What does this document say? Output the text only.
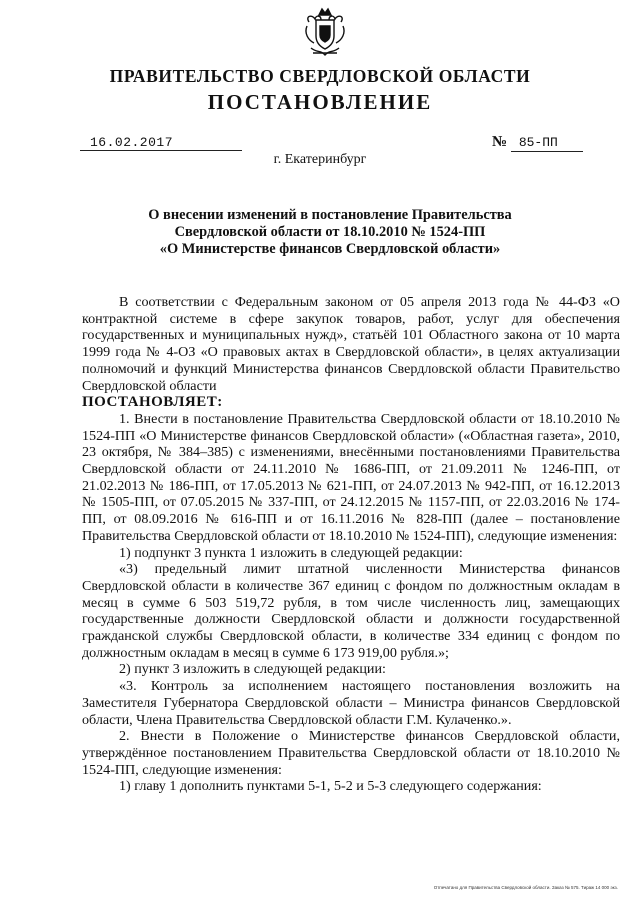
ПРАВИТЕЛЬСТВО СВЕРДЛОВСКОЙ ОБЛАСТИ
ПОСТАНОВЛЕНИЕ
16.02.2017	№ 85-ПП
г. Екатеринбург
О внесении изменений в постановление Правительства
Свердловской области от 18.10.2010 № 1524-ПП
«О Министерстве финансов Свердловской области»

В соответствии с Федеральным законом от 05 апреля 2013 года № 44-ФЗ «О контрактной системе в сфере закупок товаров, работ, услуг для обеспечения государственных и муниципальных нужд», статьёй 101 Областного закона от 10 марта 1999 года № 4-ОЗ «О правовых актах в Свердловской области», в целях актуализации полномочий и функций Министерства финансов Свердловской области Правительство Свердловской области

ПОСТАНОВЛЯЕТ:

1. Внести в постановление Правительства Свердловской области от 18.10.2010 № 1524-ПП «О Министерстве финансов Свердловской области» («Областная газета», 2010, 23 октября, № 384–385) с изменениями, внесёнными постановлениями Правительства Свердловской области от 24.11.2010 № 1686-ПП, от 21.09.2011 № 1246-ПП, от 21.02.2013 № 186-ПП, от 17.05.2013 № 621-ПП, от 24.07.2013 № 942-ПП, от 16.12.2013 № 1505-ПП, от 07.05.2015 № 337-ПП, от 24.12.2015 № 1157-ПП, от 22.03.2016 № 174-ПП, от 08.09.2016 № 616-ПП и от 16.11.2016 № 828-ПП (далее – постановление Правительства Свердловской области от 18.10.2010 № 1524-ПП), следующие изменения:

1) подпункт 3 пункта 1 изложить в следующей редакции:

«3) предельный лимит штатной численности Министерства финансов Свердловской области в количестве 367 единиц с фондом по должностным окладам в месяц в сумме 6 503 519,72 рубля, в том числе численность лиц, замещающих государственные должности Свердловской области и должности государственной гражданской службы Свердловской области, в количестве 334 единиц с фондом по должностным окладам в месяц в сумме 6 173 919,00 рубля.»;

2) пункт 3 изложить в следующей редакции:

«3. Контроль за исполнением настоящего постановления возложить на Заместителя Губернатора Свердловской области – Министра финансов Свердловской области, Члена Правительства Свердловской области Г.М. Кулаченко.».

2. Внести в Положение о Министерстве финансов Свердловской области, утверждённое постановлением Правительства Свердловской области от 18.10.2010 № 1524-ПП, следующие изменения:

1) главу 1 дополнить пунктами 5-1, 5-2 и 5-3 следующего содержания:

Отпечатано для Правительства Свердловской области. Заказ № 575. Тираж 14 000 экз.
